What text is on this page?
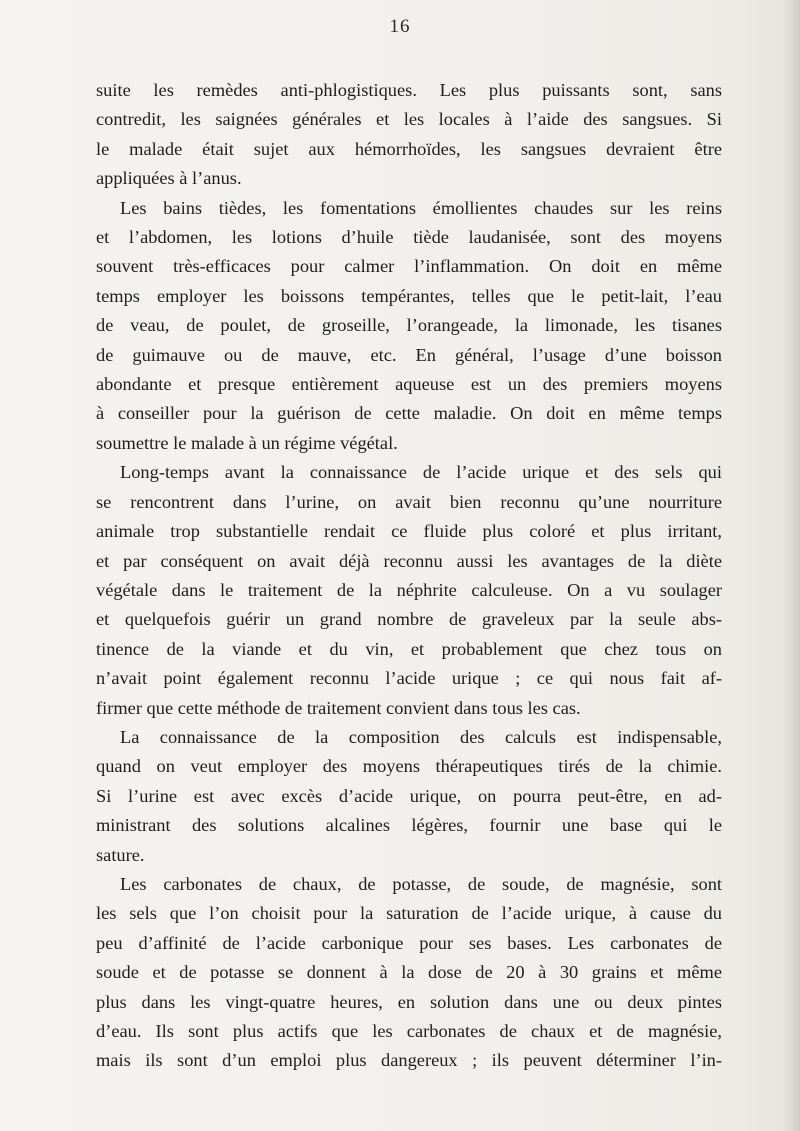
16

suite les remèdes anti-phlogistiques. Les plus puissants sont, sans
contredit, les saignées générales et les locales à l’aide des sangsues. Si
le malade était sujet aux hémorrhoïdes, les sangsues devraient être
appliquées à l’anus.

Les bains tièdes, les fomentations émollientes chaudes sur les reins
et l’abdomen, les lotions d’huile tiède laudanisée, sont des moyens
souvent très-efficaces pour calmer l’inflammation. On doit en même
temps employer les boissons tempérantes, telles que le petit-lait, l’eau
de veau, de poulet, de groseille, l’orangeade, la limonade, les tisanes
de guimauve ou de mauve, etc. En général, l’usage d’une boisson
abondante et presque entièrement aqueuse est un des premiers moyens
à conseiller pour la guérison de cette maladie. On doit en même temps
soumettre le malade à un régime végétal.

Long-temps avant la connaissance de l’acide urique et des sels qui
se rencontrent dans l’urine, on avait bien reconnu qu’une nourriture
animale trop substantielle rendait ce fluide plus coloré et plus irritant,
et par conséquent on avait déjà reconnu aussi les avantages de la diète
végétale dans le traitement de la néphrite calculeuse. On a vu soulager
et quelquefois guérir un grand nombre de graveleux par la seule abs-
tinence de la viande et du vin, et probablement que chez tous on
n’avait point également reconnu l’acide urique ; ce qui nous fait af-
firmer que cette méthode de traitement convient dans tous les cas.

La connaissance de la composition des calculs est indispensable,
quand on veut employer des moyens thérapeutiques tirés de la chimie.
Si l’urine est avec excès d’acide urique, on pourra peut-être, en ad-
ministrant des solutions alcalines légères, fournir une base qui le
sature.

Les carbonates de chaux, de potasse, de soude, de magnésie, sont
les sels que l’on choisit pour la saturation de l’acide urique, à cause du
peu d’affinité de l’acide carbonique pour ses bases. Les carbonates de
soude et de potasse se donnent à la dose de 20 à 30 grains et même
plus dans les vingt-quatre heures, en solution dans une ou deux pintes
d’eau. Ils sont plus actifs que les carbonates de chaux et de magnésie,
mais ils sont d’un emploi plus dangereux ; ils peuvent déterminer l’in-
